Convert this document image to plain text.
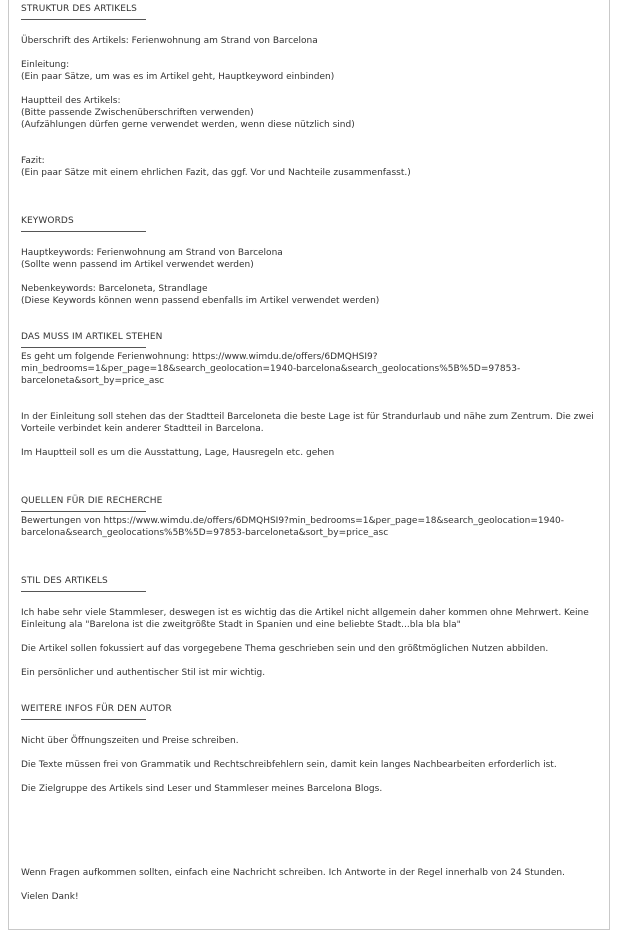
STRUKTUR DES ARTIKELS

Überschrift des Artikels: Ferienwohnung am Strand von Barcelona

Einleitung:

(Ein paar Sätze, um was es im Artikel geht, Hauptkeyword einbinden)

Hauptteil des Artikels:

(Bitte passende Zwischenüberschriften verwenden)

(Aufzählungen dürfen gerne verwendet werden, wenn diese nützlich sind)

Fazit:

(Ein paar Sätze mit einem ehrlichen Fazit, das ggf. Vor und Nachteile zusammenfasst.)

KEYWORDS

Hauptkeywords: Ferienwohnung am Strand von Barcelona

(Sollte wenn passend im Artikel verwendet werden)

Nebenkeywords: Barceloneta, Strandlage

(Diese Keywords können wenn passend ebenfalls im Artikel verwendet werden)

DAS MUSS IM ARTIKEL STEHEN

Es geht um folgende Ferienwohnung: https://www.wimdu.de/offers/6DMQHSI9?

min_bedrooms=1&per_page=18&search_geolocation=1940-barcelona&search_geolocations%5B%5D=97853-

barceloneta&sort_by=price_asc

In der Einleitung soll stehen das der Stadtteil Barceloneta die beste Lage ist für Strandurlaub und nähe zum Zentrum. Die zwei

Vorteile verbindet kein anderer Stadtteil in Barcelona.

Im Hauptteil soll es um die Ausstattung, Lage, Hausregeln etc. gehen

QUELLEN FÜR DIE RECHERCHE

Bewertungen von https://www.wimdu.de/offers/6DMQHSI9?min_bedrooms=1&per_page=18&search_geolocation=1940-

barcelona&search_geolocations%5B%5D=97853-barceloneta&sort_by=price_asc

STIL DES ARTIKELS

Ich habe sehr viele Stammleser, deswegen ist es wichtig das die Artikel nicht allgemein daher kommen ohne Mehrwert. Keine

Einleitung ala "Barelona ist die zweitgrößte Stadt in Spanien und eine beliebte Stadt...bla bla bla"

Die Artikel sollen fokussiert auf das vorgegebene Thema geschrieben sein und den größtmöglichen Nutzen abbilden.

Ein persönlicher und authentischer Stil ist mir wichtig.

WEITERE INFOS FÜR DEN AUTOR

Nicht über Öffnungszeiten und Preise schreiben.

Die Texte müssen frei von Grammatik und Rechtschreibfehlern sein, damit kein langes Nachbearbeiten erforderlich ist.

Die Zielgruppe des Artikels sind Leser und Stammleser meines Barcelona Blogs.

Wenn Fragen aufkommen sollten, einfach eine Nachricht schreiben. Ich Antworte in der Regel innerhalb von 24 Stunden.

Vielen Dank!
